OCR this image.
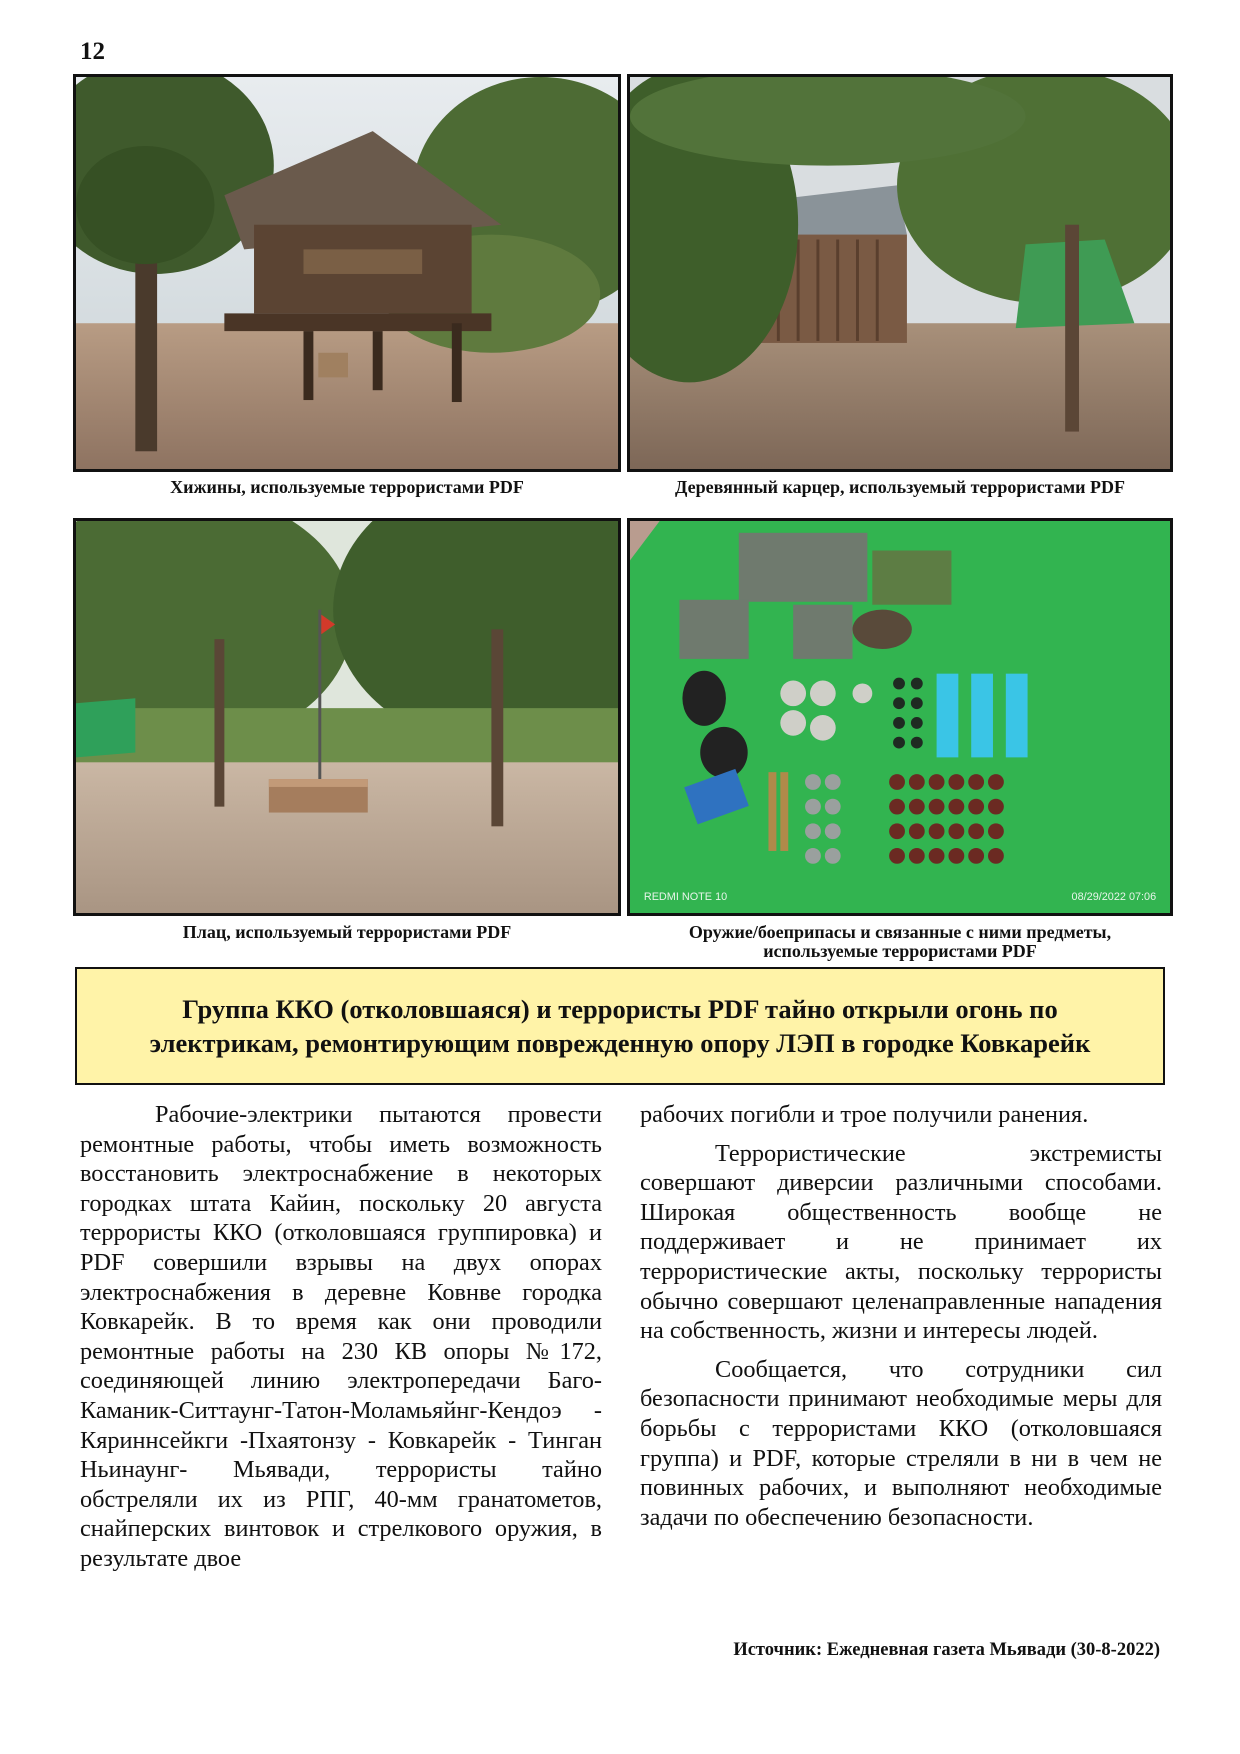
12
Хижины, используемые террористами PDF	Деревянный карцер, используемый террористами PDF
Плац, используемый террористами PDF
REDMI NOTE 10	08/29/2022 07:06
Оружие/боеприпасы и связанные с ними предметы,
используемые террористами PDF
Группа ККО (отколовшаяся) и террористы PDF тайно открыли огонь по электрикам, ремонтирующим поврежденную опору ЛЭП в городке Ковкарейк

Рабочие-электрики пытаются провести ремонтные работы, чтобы иметь возможность восстановить электроснабжение в некоторых городках штата Кайин, поскольку 20 августа террористы ККО (отколовшаяся группировка) и PDF совершили взрывы на двух опорах электроснабжения в деревне Ковнве городка Ковкарейк. В то время как они проводили ремонтные работы на 230 КВ опоры №172, соединяющей линию электропередачи Баго-Каманик-Ситтаунг-Татон-Моламьяйнг-Кендоэ - Кяриннсейкги -Пхаятонзу - Ковкарейк - Тинган Ньинаунг- Мьявади, террористы тайно обстреляли их из РПГ, 40-мм гранатометов, снайперских винтовок и стрелкового оружия, в результате двое

рабочих погибли и трое получили ранения.

Террористические экстремисты совершают диверсии различными способами. Широкая общественность вообще не поддерживает и не принимает их террористические акты, поскольку террористы обычно совершают целенаправленные нападения на собственность, жизни и интересы людей.

Сообщается, что сотрудники сил безопасности принимают необходимые меры для борьбы с террористами ККО (отколовшаяся группа) и PDF, которые стреляли в ни в чем не повинных рабочих, и выполняют необходимые задачи по обеспечению безопасности.

Источник: Ежедневная газета Мьявади (30-8-2022)
